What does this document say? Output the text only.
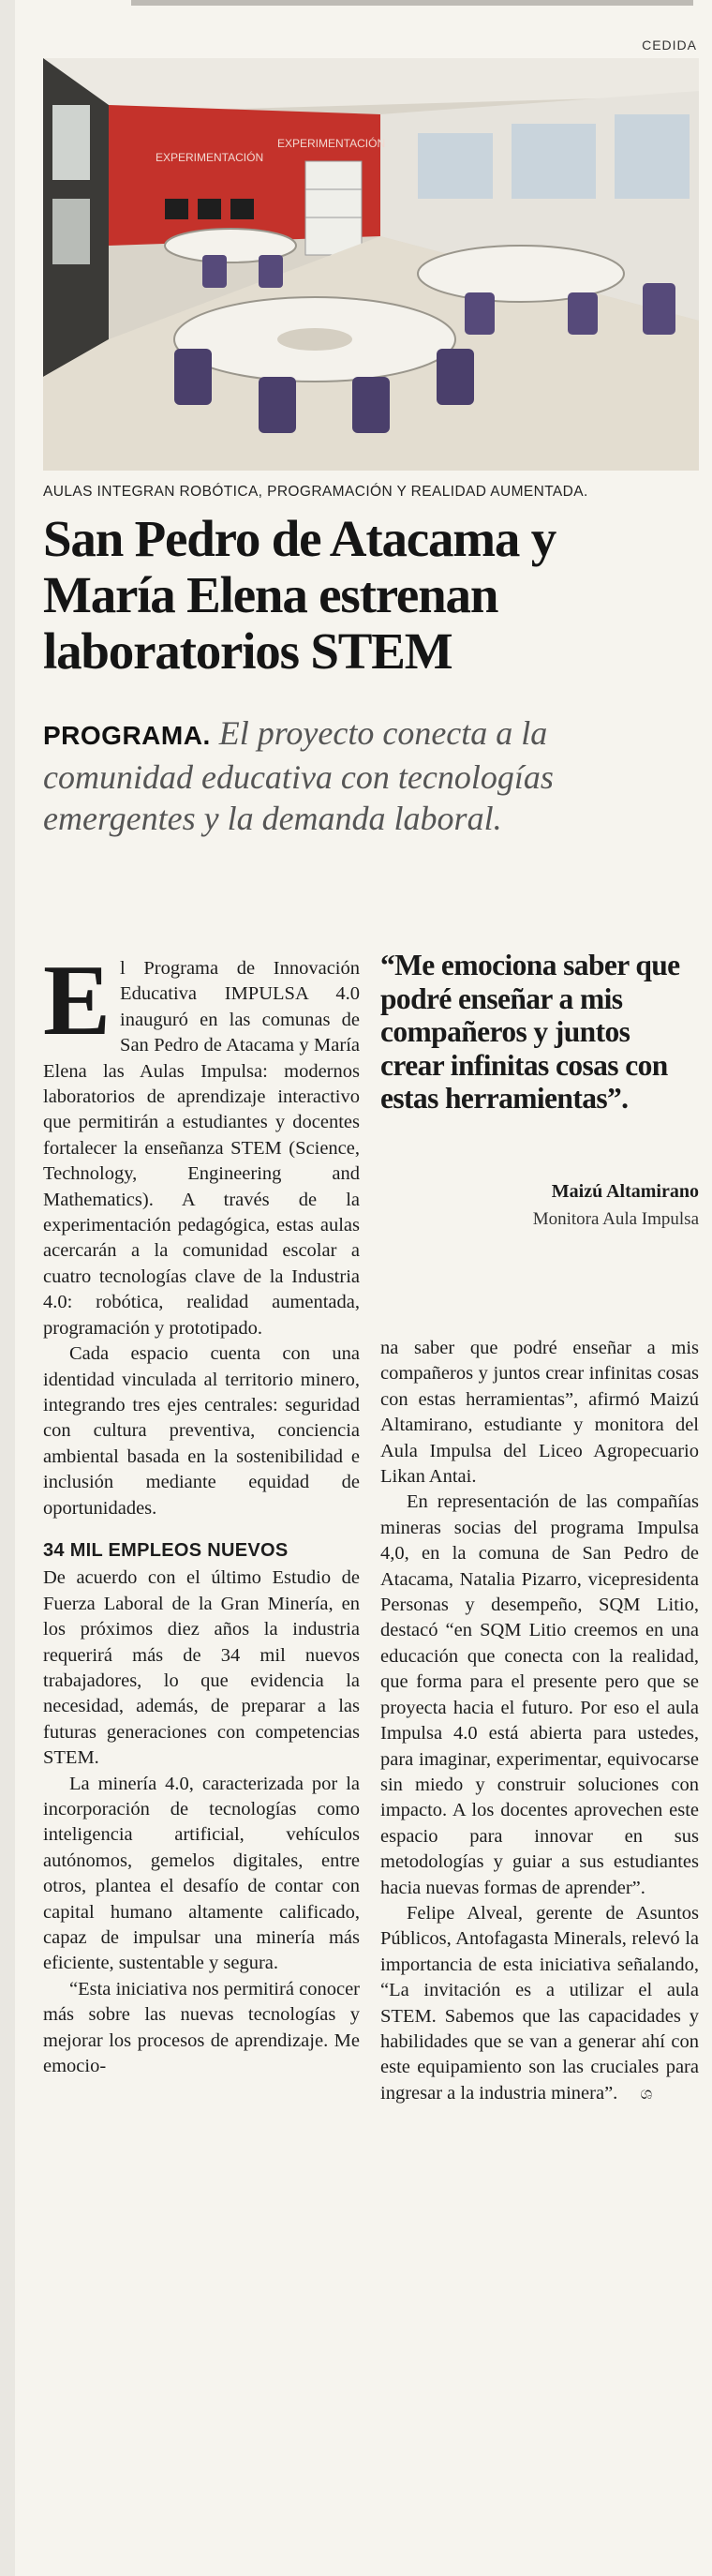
CEDIDA
EXPERIMENTACIÓN
EXPERIMENTACIÓN
AULAS INTEGRAN ROBÓTICA, PROGRAMACIÓN Y REALIDAD AUMENTADA.
San Pedro de Atacama y
María Elena estrenan
laboratorios STEM
PROGRAMA. El proyecto conecta a la comunidad educativa con tecnologías emergentes y la demanda laboral.

El Programa de Innovación Educativa IMPULSA 4.0 inauguró en las comunas de San Pedro de Atacama y María Elena las Aulas Impulsa: modernos laboratorios de aprendizaje interactivo que permitirán a estudiantes y docentes fortalecer la enseñanza STEM (Science, Technology, Engineering and Mathematics). A través de la experimentación pedagógica, estas aulas acercarán a la comunidad escolar a cuatro tecnologías clave de la Industria 4.0: robótica, realidad aumentada, programación y prototipado.

Cada espacio cuenta con una identidad vinculada al territorio minero, integrando tres ejes centrales: seguridad con cultura preventiva, conciencia ambiental basada en la sostenibilidad e inclusión mediante equidad de oportunidades.

34 MIL EMPLEOS NUEVOS

De acuerdo con el último Estudio de Fuerza Laboral de la Gran Minería, en los próximos diez años la industria requerirá más de 34 mil nuevos trabajadores, lo que evidencia la necesidad, además, de preparar a las futuras generaciones con competencias STEM.

La minería 4.0, caracterizada por la incorporación de tecnologías como inteligencia artificial, vehículos autónomos, gemelos digitales, entre otros, plantea el desafío de contar con capital humano altamente calificado, capaz de impulsar una minería más eficiente, sustentable y segura.

“Esta iniciativa nos permitirá conocer más sobre las nuevas tecnologías y mejorar los procesos de aprendizaje. Me emocio-

“Me emociona saber que podré enseñar a mis compañeros y juntos crear infinitas cosas con estas herramientas”.

Maizú Altamirano
Monitora Aula Impulsa

na saber que podré enseñar a mis compañeros y juntos crear infinitas cosas con estas herramientas”, afirmó Maizú Altamirano, estudiante y monitora del Aula Impulsa del Liceo Agropecuario Likan Antai.

En representación de las compañías mineras socias del programa Impulsa 4,0, en la comuna de San Pedro de Atacama, Natalia Pizarro, vicepresidenta Personas y desempeño, SQM Litio, destacó “en SQM Litio creemos en una educación que conecta con la realidad, que forma para el presente pero que se proyecta hacia el futuro. Por eso el aula Impulsa 4.0 está abierta para ustedes, para imaginar, experimentar, equivocarse sin miedo y construir soluciones con impacto. A los docentes aprovechen este espacio para innovar en sus metodologías y guiar a sus estudiantes hacia nuevas formas de aprender”.

Felipe Alveal, gerente de Asuntos Públicos, Antofagasta Minerals, relevó la importancia de esta iniciativa señalando, “La invitación es a utilizar el aula STEM. Sabemos que las capacidades y habilidades que se van a generar ahí con este equipamiento son las cruciales para ingresar a la industria minera”. ශ
